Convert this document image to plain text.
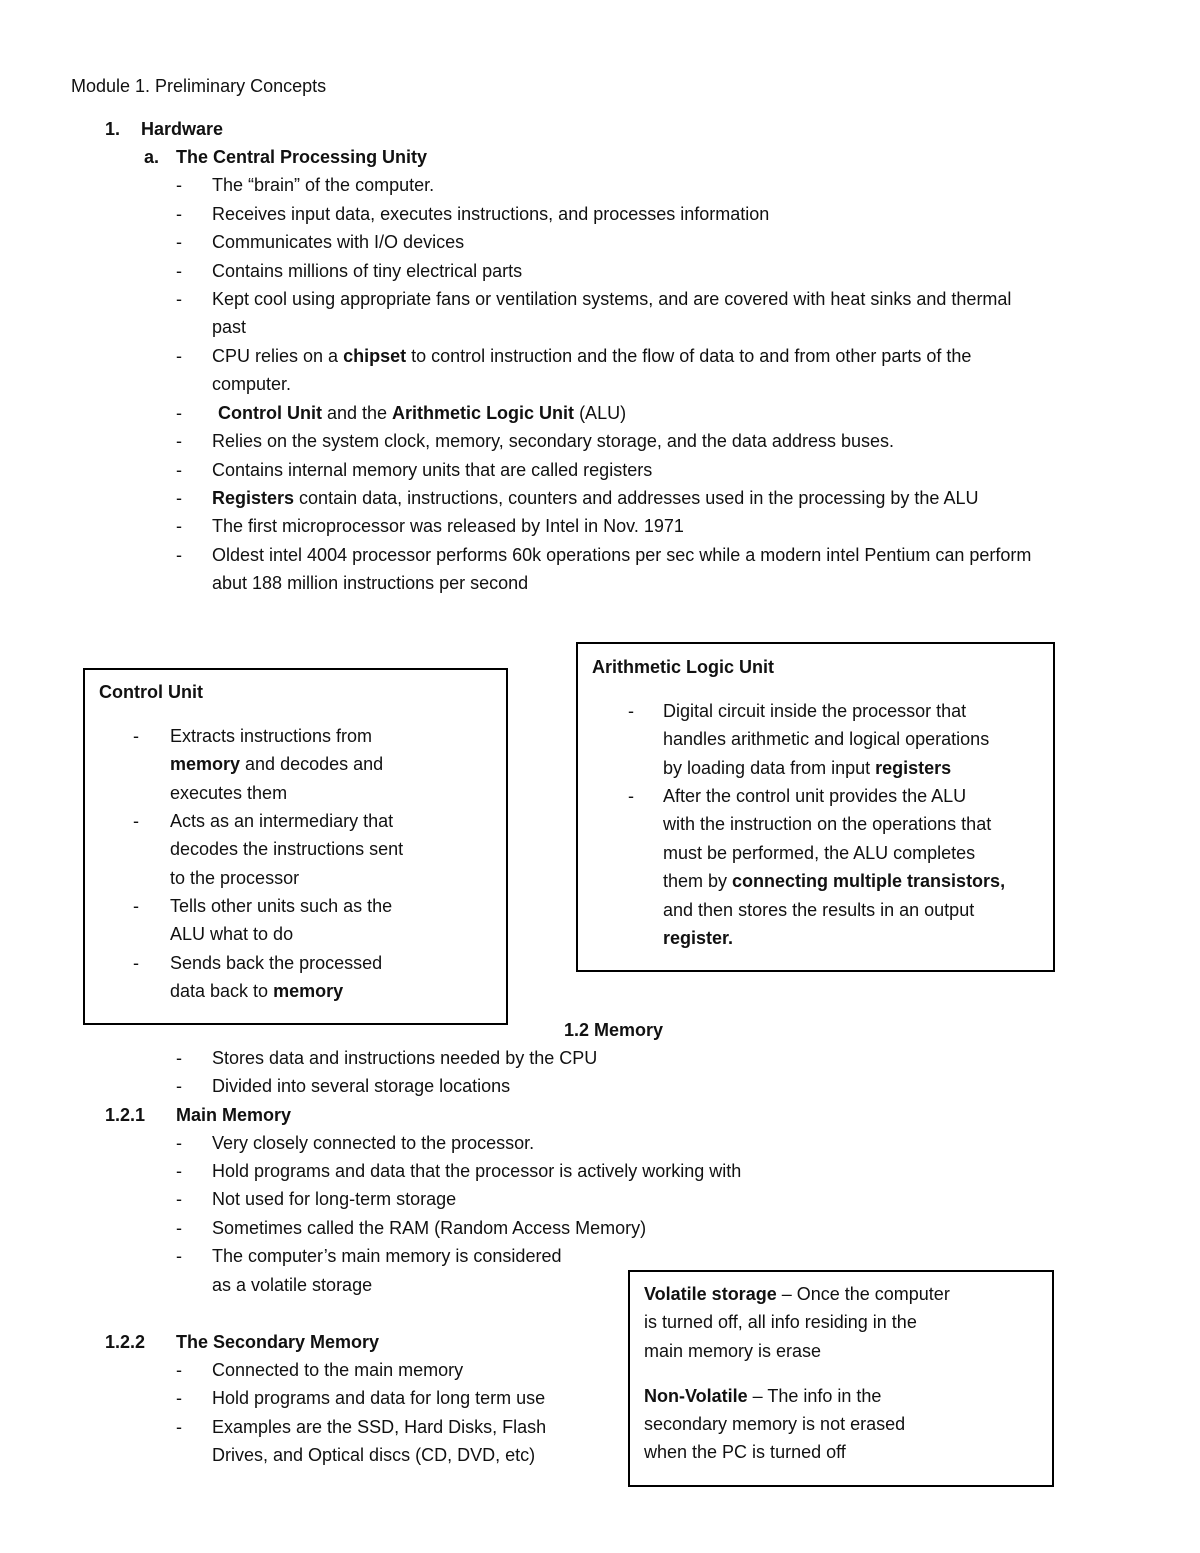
Module 1. Preliminary Concepts
1. Hardware
a. The Central Processing Unity
-	The “brain” of the computer.
-	Receives input data, executes instructions, and processes information
-	Communicates with I/O devices
-	Contains millions of tiny electrical parts
-	Kept cool using appropriate fans or ventilation systems, and are covered with heat sinks and thermal
past
-	CPU relies on a chipset to control instruction and the flow of data to and from other parts of the
computer.
-	Control Unit and the Arithmetic Logic Unit (ALU)
-	Relies on the system clock, memory, secondary storage, and the data address buses.
-	Contains internal memory units that are called registers
-	Registers contain data, instructions, counters and addresses used in the processing by the ALU
-	The first microprocessor was released by Intel in Nov. 1971
-	Oldest intel 4004 processor performs 60k operations per sec while a modern intel Pentium can perform
abut 188 million instructions per second
Control Unit
- Extracts instructions from
memory and decodes and
executes them
- Acts as an intermediary that
decodes the instructions sent
to the processor
- Tells other units such as the
ALU what to do
- Sends back the processed
data back to memory
Arithmetic Logic Unit
- Digital circuit inside the processor that
handles arithmetic and logical operations
by loading data from input registers
- After the control unit provides the ALU
with the instruction on the operations that
must be performed, the ALU completes
them by connecting multiple transistors,
and then stores the results in an output
register.
1.2 Memory
-	Stores data and instructions needed by the CPU
-	Divided into several storage locations
1.2.1 Main Memory
-	Very closely connected to the processor.
-	Hold programs and data that the processor is actively working with
-	Not used for long-term storage
-	Sometimes called the RAM (Random Access Memory)
-	The computer’s main memory is considered
as a volatile storage
1.2.2 The Secondary Memory
-	Connected to the main memory
-	Hold programs and data for long term use
-	Examples are the SSD, Hard Disks, Flash
Drives, and Optical discs (CD, DVD, etc)
Volatile storage – Once the computer
is turned off, all info residing in the
main memory is erase
Non-Volatile – The info in the
secondary memory is not erased
when the PC is turned off
